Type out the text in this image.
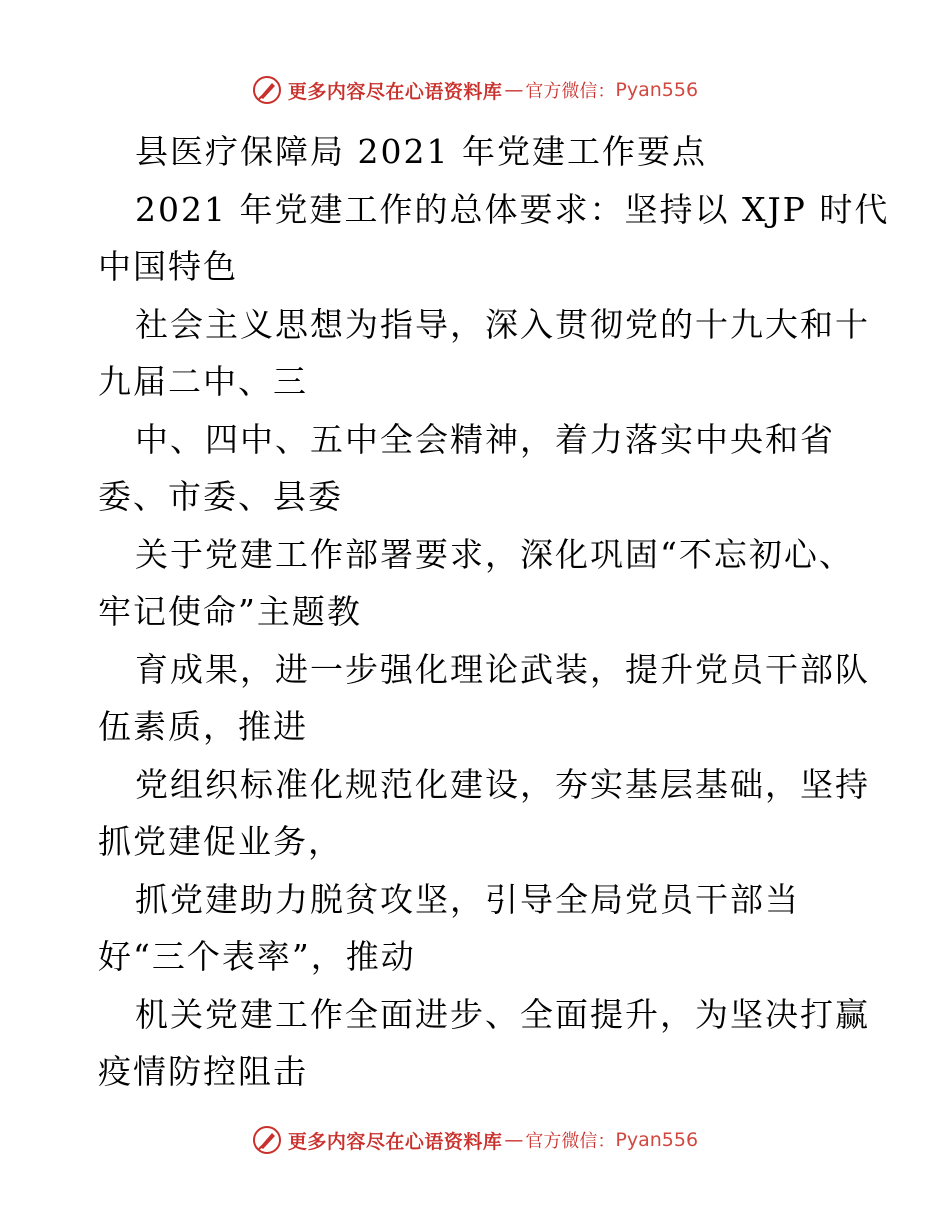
更多内容尽在心语资料库 — 官方微信： Pyan556
县医疗保障局 2021 年党建工作要点
2021 年党建工作的总体要求：坚持以 XJP 时代
中国特色
社会主义思想为指导，深入贯彻党的十九大和十
九届二中、三
中、四中、五中全会精神，着力落实中央和省
委、市委、县委
关于党建工作部署要求，深化巩固“不忘初心、
牢记使命”主题教
育成果，进一步强化理论武装，提升党员干部队
伍素质，推进
党组织标准化规范化建设，夯实基层基础，坚持
抓党建促业务，
抓党建助力脱贫攻坚，引导全局党员干部当
好“三个表率”，推动
机关党建工作全面进步、全面提升，为坚决打赢
疫情防控阻击
更多内容尽在心语资料库 — 官方微信： Pyan556
